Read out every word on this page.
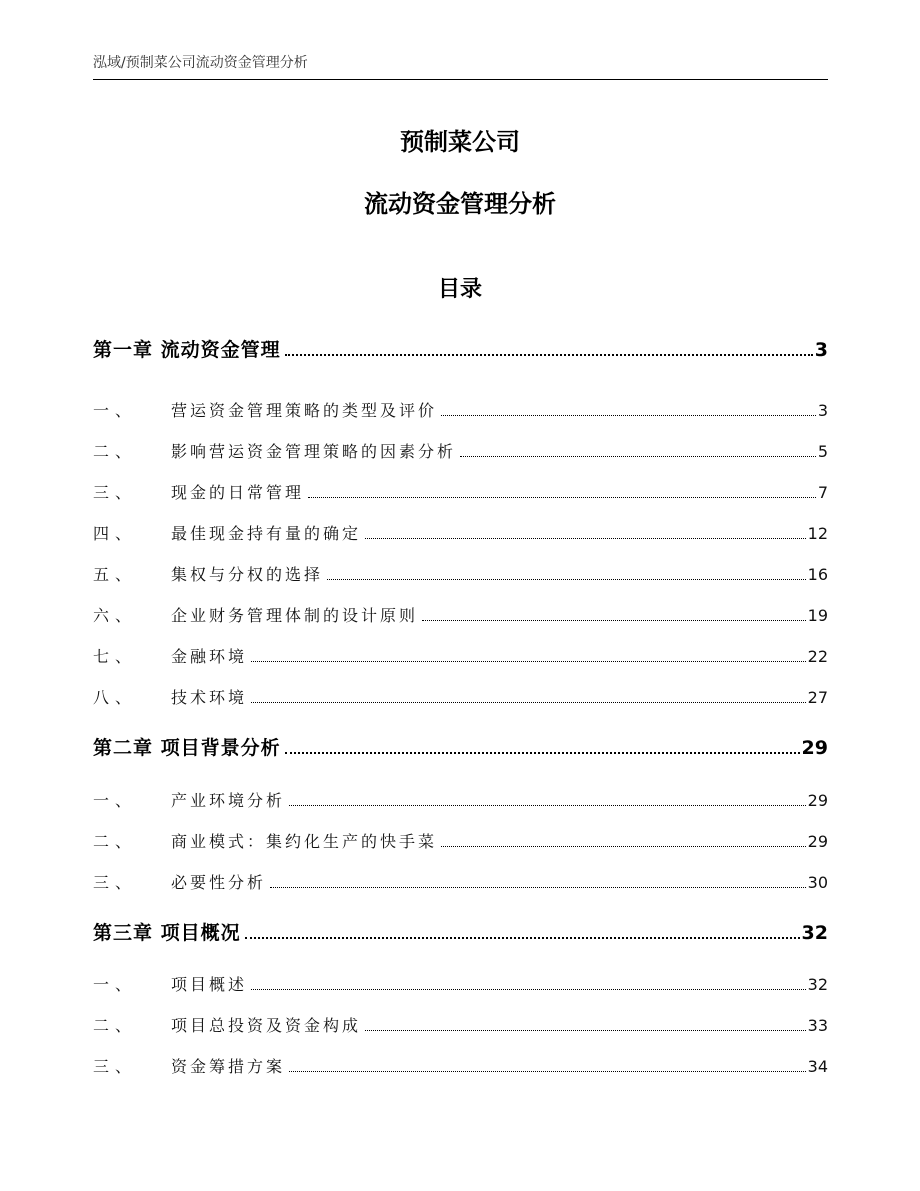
泓域/预制菜公司流动资金管理分析
预制菜公司
流动资金管理分析
目录
第一章 流动资金管理	3
一、	营运资金管理策略的类型及评价	3
二、	影响营运资金管理策略的因素分析	5
三、	现金的日常管理	7
四、	最佳现金持有量的确定	12
五、	集权与分权的选择	16
六、	企业财务管理体制的设计原则	19
七、	金融环境	22
八、	技术环境	27
第二章 项目背景分析	29
一、	产业环境分析	29
二、	商业模式：集约化生产的快手菜	29
三、	必要性分析	30
第三章 项目概况	32
一、	项目概述	32
二、	项目总投资及资金构成	33
三、	资金筹措方案	34
